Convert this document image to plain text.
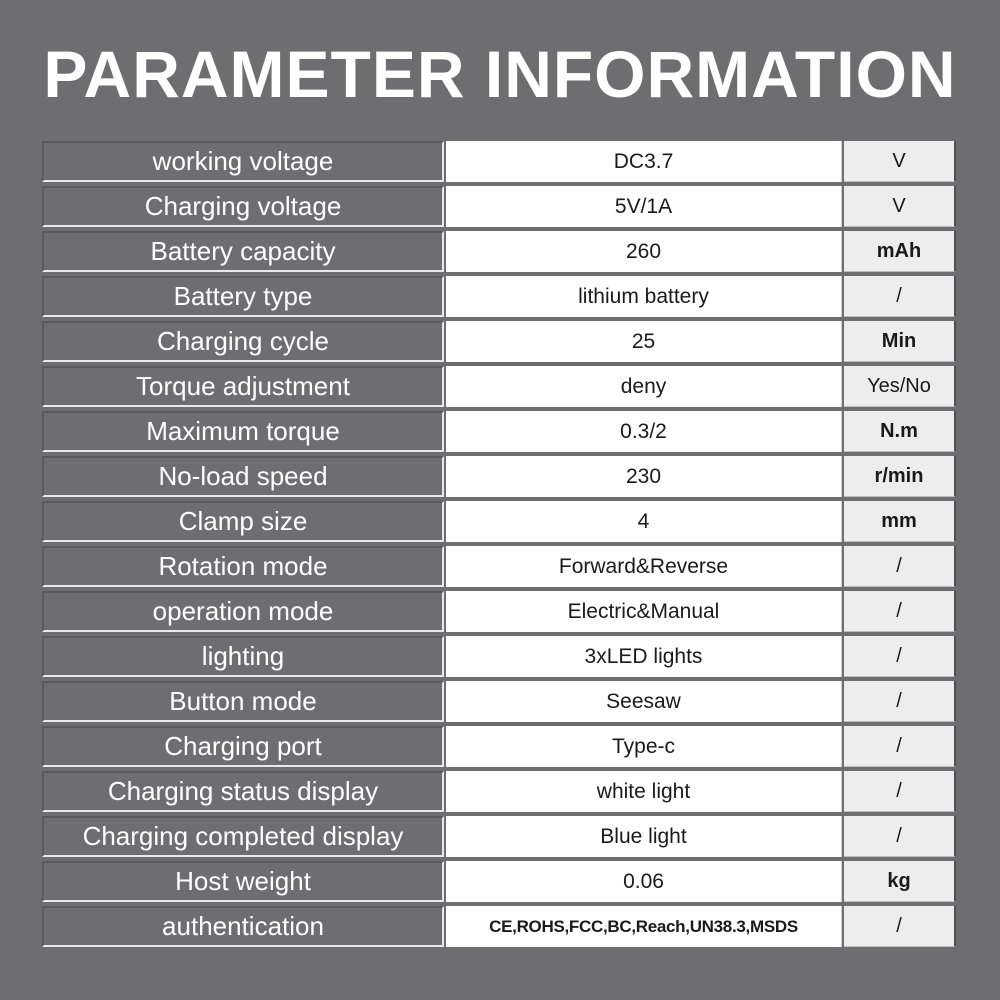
PARAMETER INFORMATION
working voltage	DC3.7	V
Charging voltage	5V/1A	V
Battery capacity	260	mAh
Battery type	lithium battery	/
Charging cycle	25	Min
Torque adjustment	deny	Yes/No
Maximum torque	0.3/2	N.m
No-load speed	230	r/min
Clamp size	4	mm
Rotation mode	Forward&Reverse	/
operation mode	Electric&Manual	/
lighting	3xLED lights	/
Button mode	Seesaw	/
Charging port	Type-c	/
Charging status display	white light	/
Charging completed display	Blue light	/
Host weight	0.06	kg
authentication	CE,ROHS,FCC,BC,Reach,UN38.3,MSDS	/
